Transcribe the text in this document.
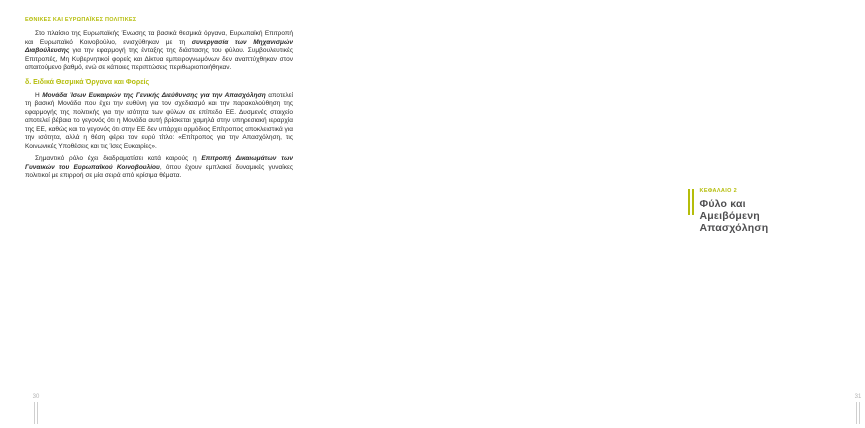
ΕΘΝΙΚΕΣ ΚΑΙ ΕΥΡΩΠΑΪΚΕΣ ΠΟΛΙΤΙΚΕΣ

Στο πλαίσιο της Ευρωπαϊκής Ένωσης τα βασικά θεσμικά όργανα, Ευρωπαϊκή Επιτροπή και Ευρωπαϊκό Κοινοβούλιο, ενισχύθηκαν με τη συνεργασία των Μηχανισμών Διαβούλευσης για την εφαρμογή της ένταξης της διάστασης του φύλου. Συμβουλευτικές Επιτροπές, Μη Κυβερνητικοί φορείς και Δίκτυα εμπειρογνωμόνων δεν αναπτύχθηκαν στον απαιτούμενο βαθμό, ενώ σε κάποιες περιπτώσεις περιθωριοποιήθηκαν.

δ. Ειδικά Θεσμικά Όργανα και Φορείς

Η Μονάδα Ίσων Ευκαιριών της Γενικής Διεύθυνσης για την Απασχόληση αποτελεί τη βασική Μονάδα που έχει την ευθύνη για τον σχεδιασμό και την παρακολούθηση της εφαρμογής της πολιτικής για την ισότητα των φύλων σε επίπεδο ΕΕ. Δυσμενές στοιχείο αποτελεί βέβαια το γεγονός ότι η Μονάδα αυτή βρίσκεται χαμηλά στην υπηρεσιακή ιεραρχία της ΕΕ, καθώς και το γεγονός ότι στην ΕΕ δεν υπάρχει αρμόδιος Επίτροπος αποκλειστικά για την ισότητα, αλλά η θέση φέρει τον ευρύ τίτλο: «Επίτροπος για την Απασχόληση, τις Κοινωνικές Υποθέσεις και τις Ίσες Ευκαιρίες».

Σημαντικό ρόλο έχει διαδραματίσει κατά καιρούς η Επιτροπή Δικαιωμάτων των Γυναικών του Ευρωπαϊκού Κοινοβουλίου, όπου έχουν εμπλακεί δυναμικές γυναίκες πολιτικοί με επιρροή σε μία σειρά από κρίσιμα θέματα.

30
ΚΕΦΑΛΑΙΟ 2
Φύλο και Αμειβόμενη Απασχόληση
31
